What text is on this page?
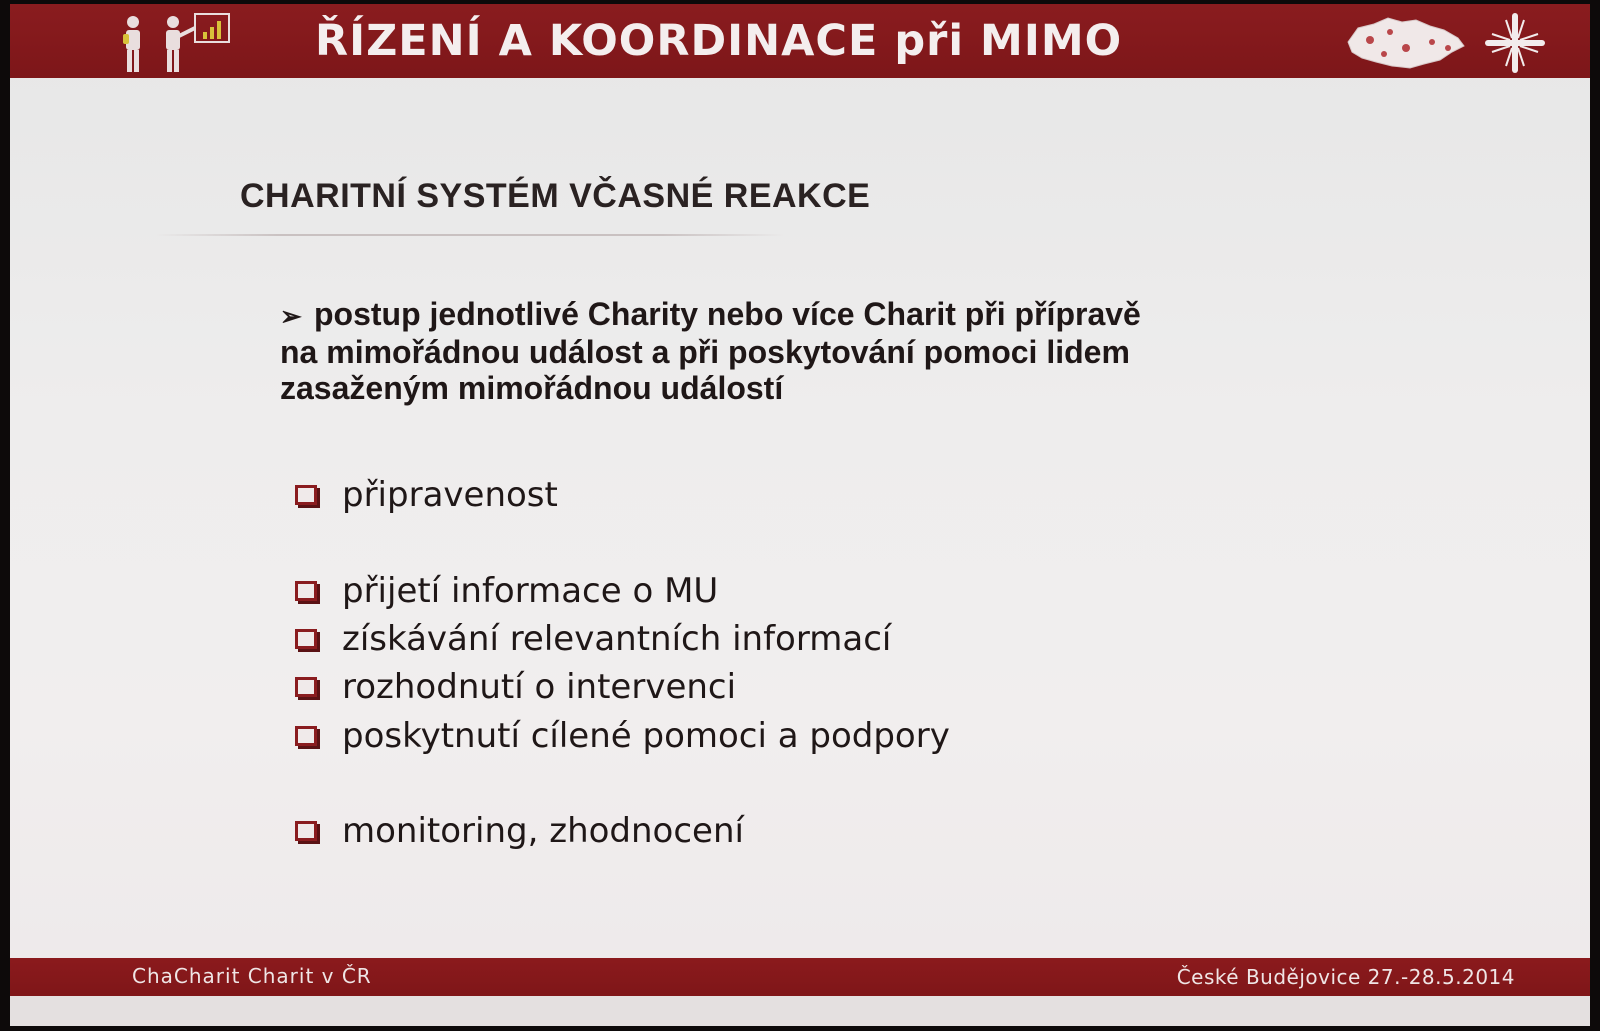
ŘÍZENÍ A KOORDINACE při MIMO
CHARITNÍ SYSTÉM VČASNÉ REAKCE
➢ postup jednotlivé Charity nebo více Charit při přípravě
na mimořádnou událost a při poskytování pomoci lidem
zasaženým mimořádnou událostí
připravenost
přijetí informace o MU
získávání relevantních informací
rozhodnutí o intervenci
poskytnutí cílené pomoci a podpory
monitoring, zhodnocení
ChaCharit Charit v ČR	České Budějovice 27.-28.5.2014
